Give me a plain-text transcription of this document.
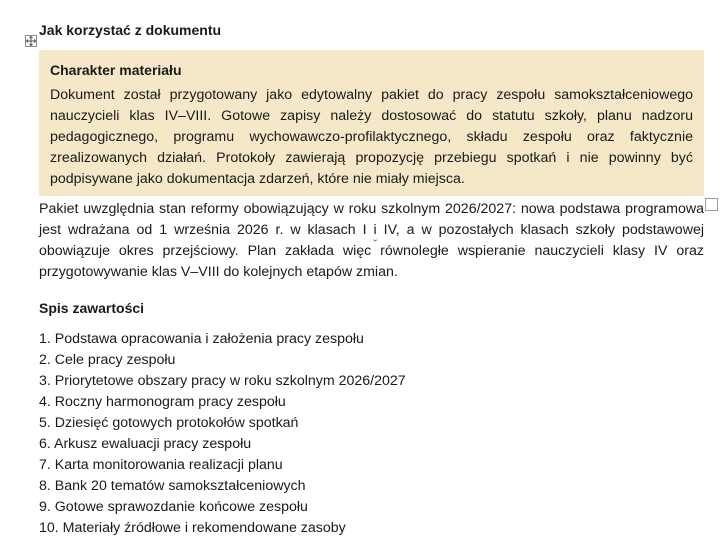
Jak korzystać z dokumentu
Charakter materiału

Dokument został przygotowany jako edytowalny pakiet do pracy zespołu samokształceniowego nauczycieli klas IV–VIII. Gotowe zapisy należy dostosować do statutu szkoły, planu nadzoru pedagogicznego, programu wychowawczo-profilaktycznego, składu zespołu oraz faktycznie zrealizowanych działań. Protokoły zawierają propozycję przebiegu spotkań i nie powinny być podpisywane jako dokumentacja zdarzeń, które nie miały miejsca.

Pakiet uwzględnia stan reformy obowiązujący w roku szkolnym 2026/2027: nowa podstawa programowa jest wdrażana od 1 września 2026 r. w klasach I i IV, a w pozostałych klasach szkoły podstawowej obowiązuje okres przejściowy. Plan zakłada więc równoległe wspieranie nauczycieli klasy IV oraz przygotowywanie klas V–VIII do kolejnych etapów zmian.

Spis zawartości
1. Podstawa opracowania i założenia pracy zespołu
2. Cele pracy zespołu
3. Priorytetowe obszary pracy w roku szkolnym 2026/2027
4. Roczny harmonogram pracy zespołu
5. Dziesięć gotowych protokołów spotkań
6. Arkusz ewaluacji pracy zespołu
7. Karta monitorowania realizacji planu
8. Bank 20 tematów samokształceniowych
9. Gotowe sprawozdanie końcowe zespołu
10. Materiały źródłowe i rekomendowane zasoby
